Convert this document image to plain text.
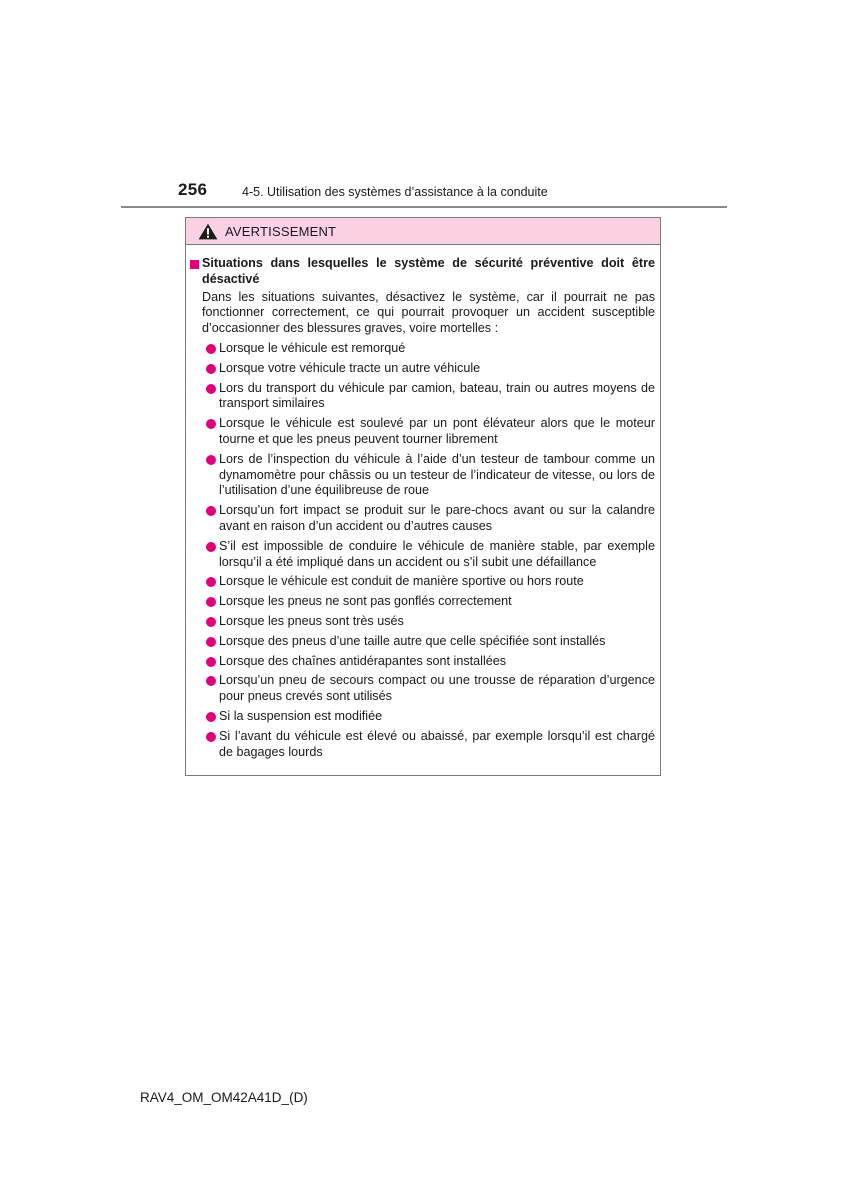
256	4-5. Utilisation des systèmes d’assistance à la conduite
AVERTISSEMENT
Situations dans lesquelles le système de sécurité préventive doit être désactivé
Dans les situations suivantes, désactivez le système, car il pourrait ne pas fonctionner correctement, ce qui pourrait provoquer un accident susceptible d’occasionner des blessures graves, voire mortelles :
Lorsque le véhicule est remorqué
Lorsque votre véhicule tracte un autre véhicule
Lors du transport du véhicule par camion, bateau, train ou autres moyens de transport similaires
Lorsque le véhicule est soulevé par un pont élévateur alors que le moteur tourne et que les pneus peuvent tourner librement
Lors de l’inspection du véhicule à l’aide d’un testeur de tambour comme un dynamomètre pour châssis ou un testeur de l’indicateur de vitesse, ou lors de l’utilisation d’une équilibreuse de roue
Lorsqu’un fort impact se produit sur le pare-chocs avant ou sur la calandre avant en raison d’un accident ou d’autres causes
S’il est impossible de conduire le véhicule de manière stable, par exemple lorsqu’il a été impliqué dans un accident ou s’il subit une défaillance
Lorsque le véhicule est conduit de manière sportive ou hors route
Lorsque les pneus ne sont pas gonflés correctement
Lorsque les pneus sont très usés
Lorsque des pneus d’une taille autre que celle spécifiée sont installés
Lorsque des chaînes antidérapantes sont installées
Lorsqu’un pneu de secours compact ou une trousse de réparation d’urgence pour pneus crevés sont utilisés
Si la suspension est modifiée
Si l’avant du véhicule est élevé ou abaissé, par exemple lorsqu’il est chargé de bagages lourds
RAV4_OM_OM42A41D_(D)
